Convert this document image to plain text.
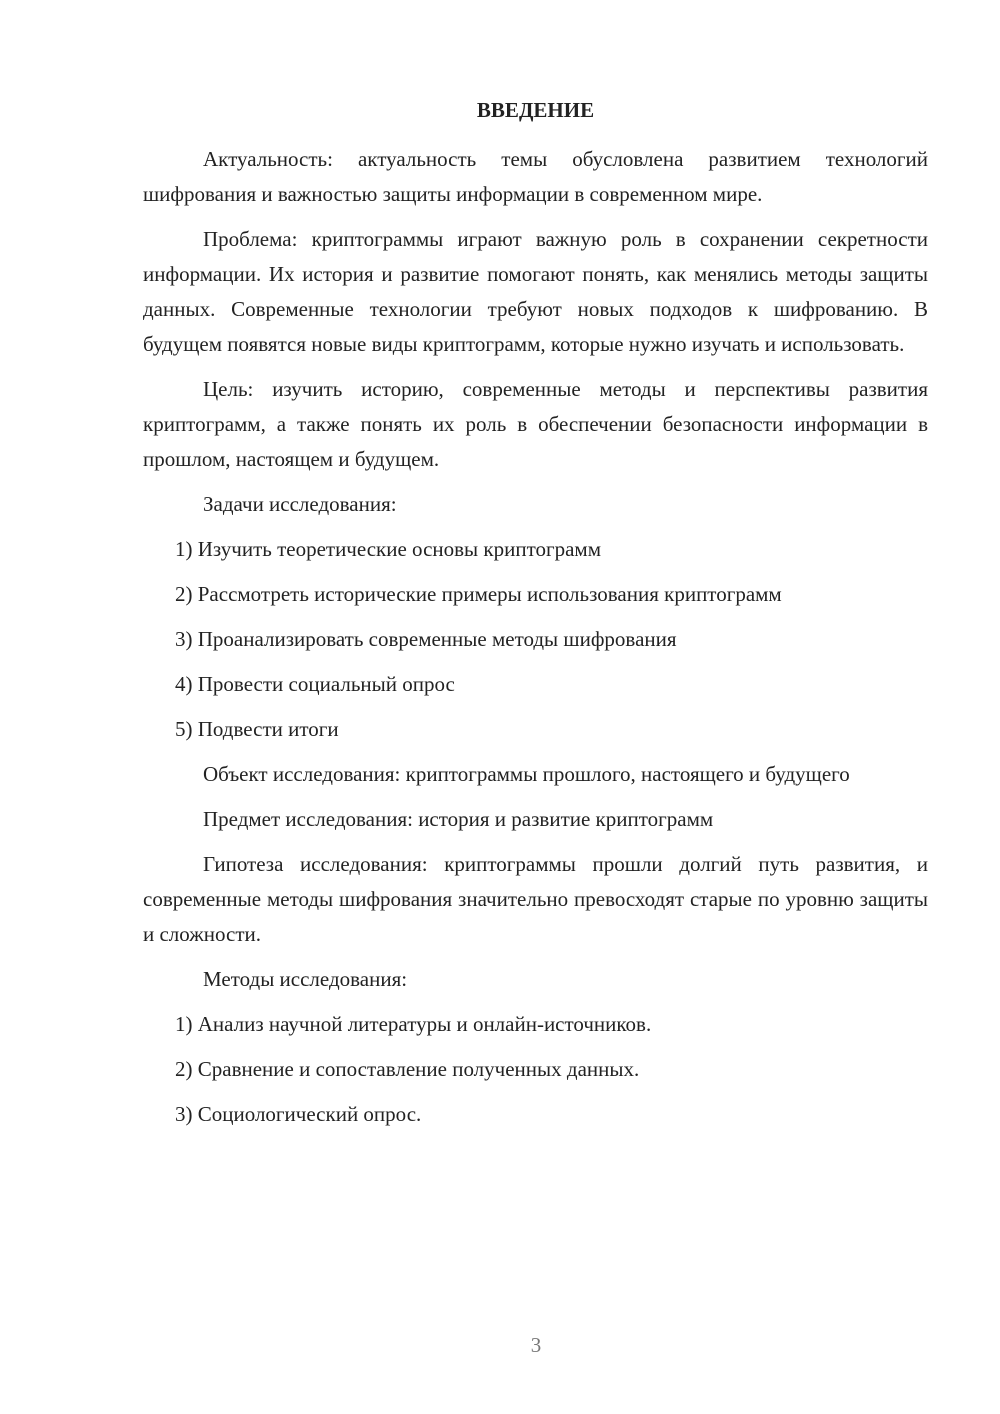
ВВЕДЕНИЕ

Актуальность: актуальность темы обусловлена развитием технологий шифрования и важностью защиты информации в современном мире.

Проблема: криптограммы играют важную роль в сохранении секретности информации. Их история и развитие помогают понять, как менялись методы защиты данных. Современные технологии требуют новых подходов к шифрованию. В будущем появятся новые виды криптограмм, которые нужно изучать и использовать.

Цель: изучить историю, современные методы и перспективы развития криптограмм, а также понять их роль в обеспечении безопасности информации в прошлом, настоящем и будущем.

Задачи исследования:

1) Изучить теоретические основы криптограмм
2) Рассмотреть исторические примеры использования криптограмм
3) Проанализировать современные методы шифрования
4) Провести социальный опрос
5) Подвести итоги

Объект исследования: криптограммы прошлого, настоящего и будущего

Предмет исследования: история и развитие криптограмм

Гипотеза исследования: криптограммы прошли долгий путь развития, и современные методы шифрования значительно превосходят старые по уровню защиты и сложности.

Методы исследования:

1) Анализ научной литературы и онлайн-источников.
2) Сравнение и сопоставление полученных данных.
3) Социологический опрос.
3
